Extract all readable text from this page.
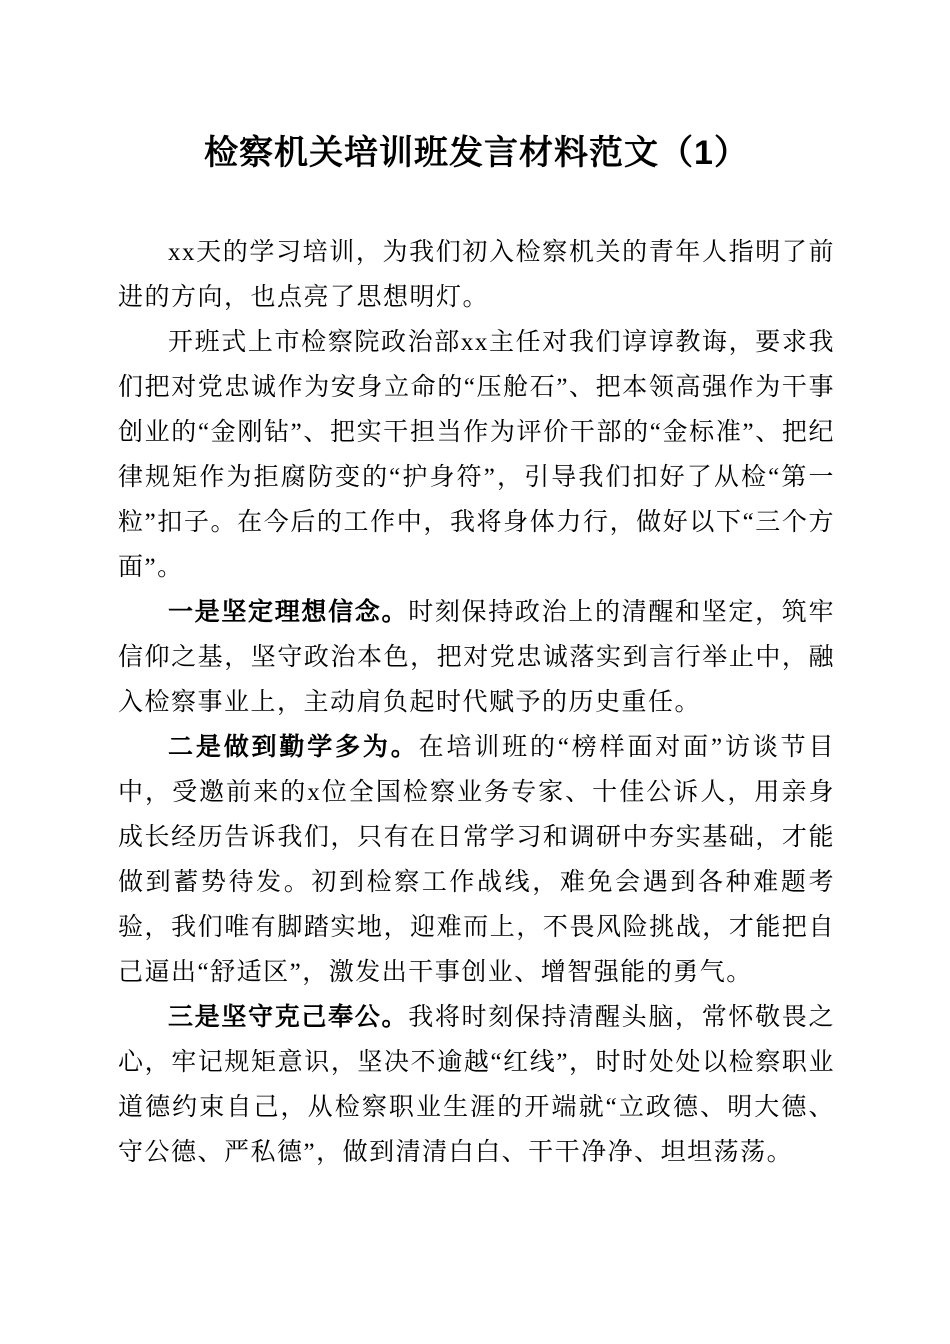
检察机关培训班发言材料范文（1）

xx天的学习培训，为我们初入检察机关的青年人指明了前进的方向，也点亮了思想明灯。

开班式上市检察院政治部xx主任对我们谆谆教诲，要求我们把对党忠诚作为安身立命的“压舱石”、把本领高强作为干事创业的“金刚钻”、把实干担当作为评价干部的“金标准”、把纪律规矩作为拒腐防变的“护身符”，引导我们扣好了从检“第一粒”扣子。在今后的工作中，我将身体力行，做好以下“三个方面”。

一是坚定理想信念。时刻保持政治上的清醒和坚定，筑牢信仰之基，坚守政治本色，把对党忠诚落实到言行举止中，融入检察事业上，主动肩负起时代赋予的历史重任。

二是做到勤学多为。在培训班的“榜样面对面”访谈节目中，受邀前来的x位全国检察业务专家、十佳公诉人，用亲身成长经历告诉我们，只有在日常学习和调研中夯实基础，才能做到蓄势待发。初到检察工作战线，难免会遇到各种难题考验，我们唯有脚踏实地，迎难而上，不畏风险挑战，才能把自己逼出“舒适区”，激发出干事创业、增智强能的勇气。

三是坚守克己奉公。我将时刻保持清醒头脑，常怀敬畏之心，牢记规矩意识，坚决不逾越“红线”，时时处处以检察职业道德约束自己，从检察职业生涯的开端就“立政德、明大德、守公德、严私德”，做到清清白白、干干净净、坦坦荡荡。
